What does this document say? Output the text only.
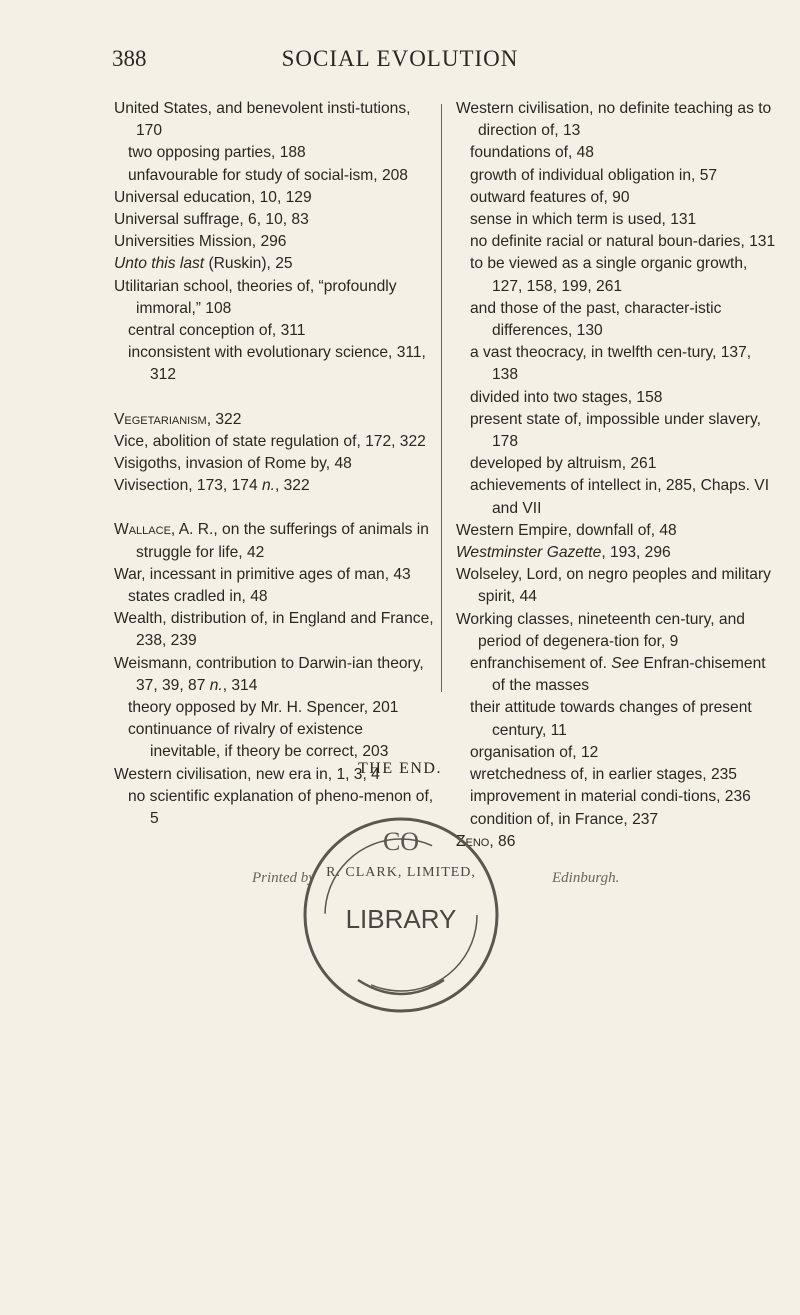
388	SOCIAL EVOLUTION

United States, and benevolent insti-tutions, 170

two opposing parties, 188

unfavourable for study of social-ism, 208

Universal education, 10, 129

Universal suffrage, 6, 10, 83

Universities Mission, 296

Unto this last (Ruskin), 25

Utilitarian school, theories of, “profoundly immoral,” 108

central conception of, 311

inconsistent with evolutionary science, 311, 312

Vegetarianism, 322

Vice, abolition of state regulation of, 172, 322

Visigoths, invasion of Rome by, 48

Vivisection, 173, 174 n., 322

Wallace, A. R., on the sufferings of animals in struggle for life, 42

War, incessant in primitive ages of man, 43

states cradled in, 48

Wealth, distribution of, in England and France, 238, 239

Weismann, contribution to Darwin-ian theory, 37, 39, 87 n., 314

theory opposed by Mr. H. Spencer, 201

continuance of rivalry of existence inevitable, if theory be correct, 203

Western civilisation, new era in, 1, 3, 4

no scientific explanation of pheno-menon of, 5

Western civilisation, no definite teaching as to direction of, 13

foundations of, 48

growth of individual obligation in, 57

outward features of, 90

sense in which term is used, 131

no definite racial or natural boun-daries, 131

to be viewed as a single organic growth, 127, 158, 199, 261

and those of the past, character-istic differences, 130

a vast theocracy, in twelfth cen-tury, 137, 138

divided into two stages, 158

present state of, impossible under slavery, 178

developed by altruism, 261

achievements of intellect in, 285, Chaps. VI and VII

Western Empire, downfall of, 48

Westminster Gazette, 193, 296

Wolseley, Lord, on negro peoples and military spirit, 44

Working classes, nineteenth cen-tury, and period of degenera-tion for, 9

enfranchisement of. See Enfran-chisement of the masses

their attitude towards changes of present century, 11

organisation of, 12

wretchedness of, in earlier stages, 235

improvement in material condi-tions, 236

condition of, in France, 237

Zeno, 86

THE END.
Printed by	Edinburgh.
CO
R. CLARK, LIMITED,
LIBRARY
